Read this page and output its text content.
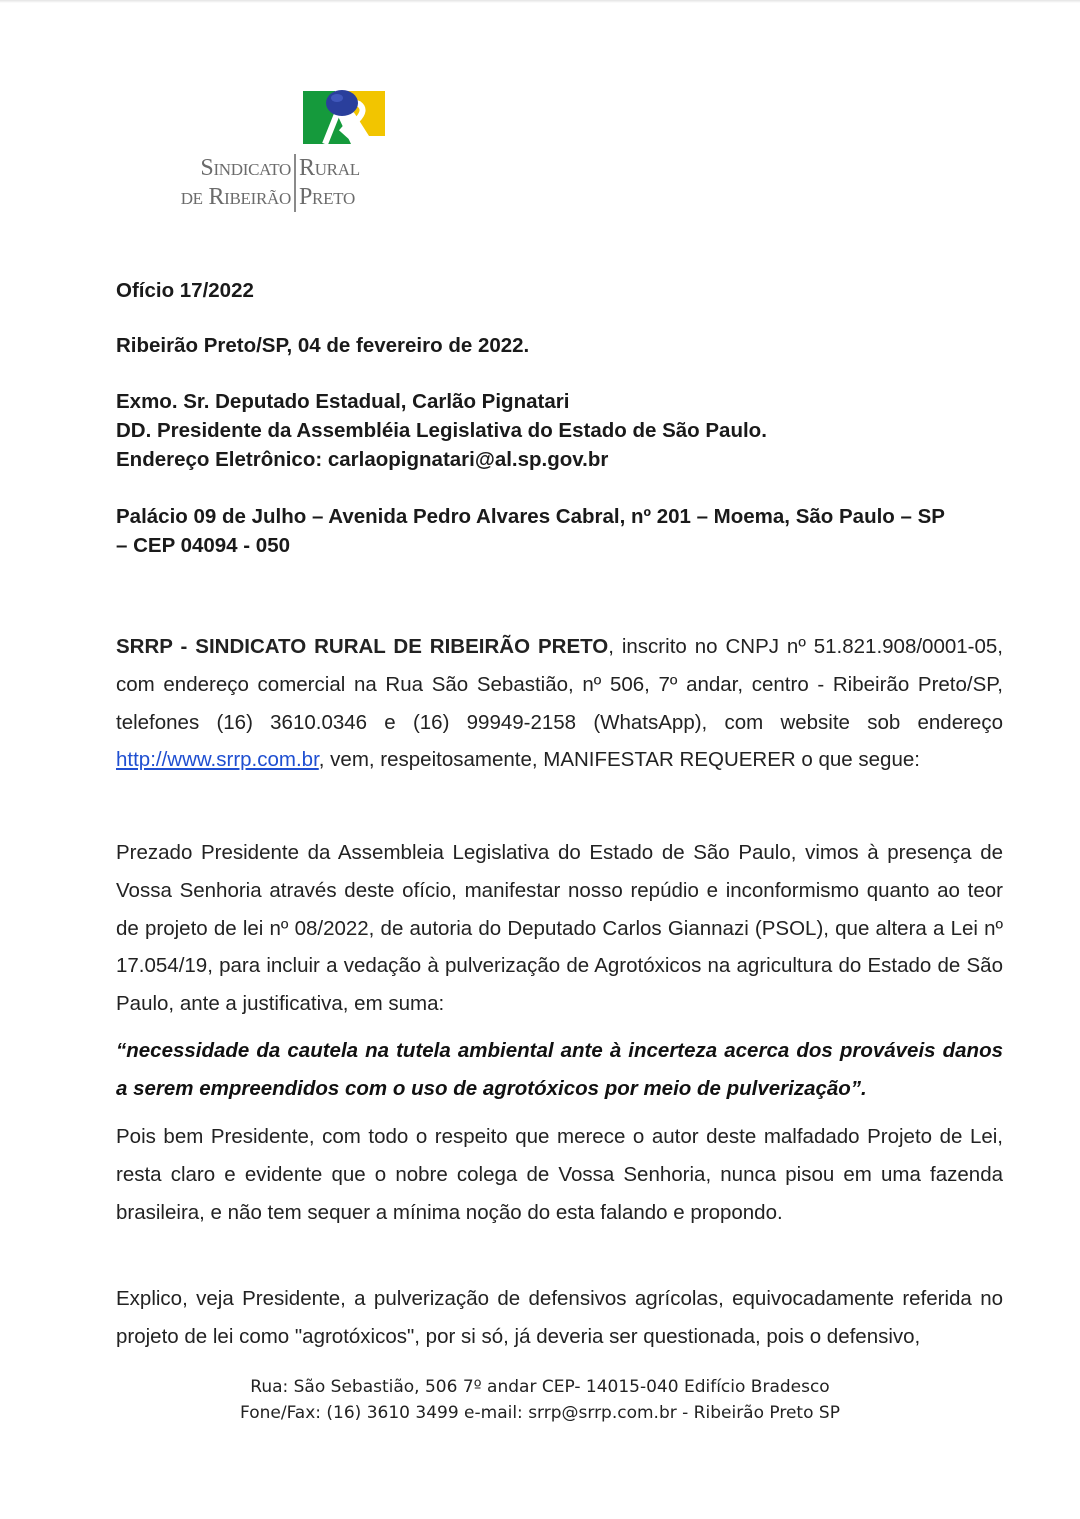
Sindicato Rural
de Ribeirão Preto
Ofício 17/2022
Ribeirão Preto/SP, 04 de fevereiro de 2022.
Exmo. Sr. Deputado Estadual, Carlão Pignatari
DD. Presidente da Assembléia Legislativa do Estado de São Paulo.
Endereço Eletrônico: carlaopignatari@al.sp.gov.br
Palácio 09 de Julho – Avenida Pedro Alvares Cabral, nº 201 – Moema, São Paulo – SP
– CEP 04094 - 050
SRRP - SINDICATO RURAL DE RIBEIRÃO PRETO, inscrito no CNPJ nº 51.821.908/0001-05, com endereço comercial na Rua São Sebastião, nº 506, 7º andar, centro - Ribeirão Preto/SP, telefones (16) 3610.0346 e (16) 99949-2158 (WhatsApp), com website sob endereço http://www.srrp.com.br, vem, respeitosamente, MANIFESTAR REQUERER o que segue:
Prezado Presidente da Assembleia Legislativa do Estado de São Paulo, vimos à presença de Vossa Senhoria através deste ofício, manifestar nosso repúdio e inconformismo quanto ao teor de projeto de lei nº 08/2022, de autoria do Deputado Carlos Giannazi (PSOL), que altera a Lei nº 17.054/19, para incluir a vedação à pulverização de Agrotóxicos na agricultura do Estado de São Paulo, ante a justificativa, em suma:
“necessidade da cautela na tutela ambiental ante à incerteza acerca dos prováveis danos a serem empreendidos com o uso de agrotóxicos por meio de pulverização”.
Pois bem Presidente, com todo o respeito que merece o autor deste malfadado Projeto de Lei, resta claro e evidente que o nobre colega de Vossa Senhoria, nunca pisou em uma fazenda brasileira, e não tem sequer a mínima noção do esta falando e propondo.
Explico, veja Presidente, a pulverização de defensivos agrícolas, equivocadamente referida no projeto de lei como "agrotóxicos", por si só, já deveria ser questionada, pois o defensivo,
Rua: São Sebastião, 506 7º andar CEP- 14015-040 Edifício Bradesco
Fone/Fax: (16) 3610 3499 e-mail: srrp@srrp.com.br - Ribeirão Preto SP
